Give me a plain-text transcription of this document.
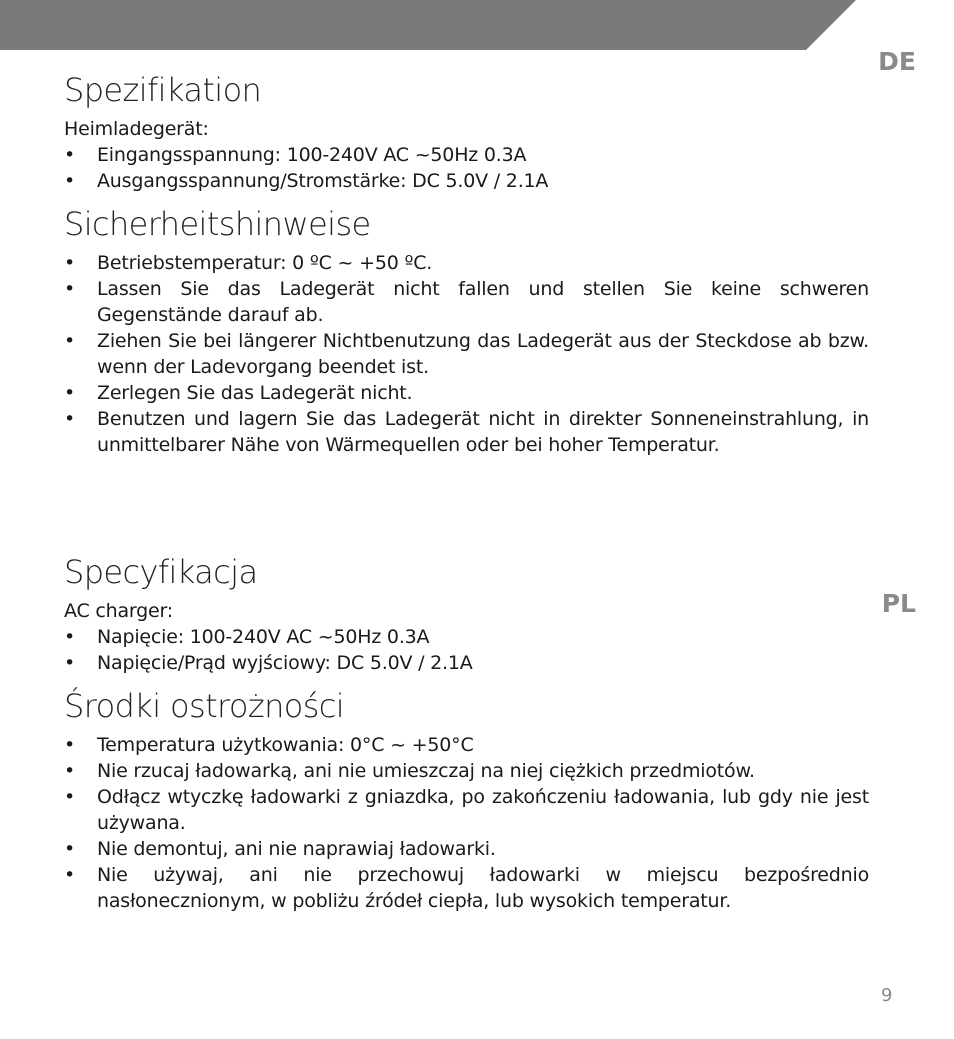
DE
PL
Spezifikation

Heimladegerät:

• Eingangsspannung: 100-240V AC ~50Hz 0.3A
• Ausgangsspannung/Stromstärke: DC 5.0V / 2.1A
Sicherheitshinweise
• Betriebstemperatur: 0 ºC ~ +50 ºC.
• Lassen Sie das Ladegerät nicht fallen und stellen Sie keine schweren Gegenstände darauf ab.
• Ziehen Sie bei längerer Nichtbenutzung das Ladegerät aus der Steckdose ab bzw. wenn der Ladevorgang beendet ist.
• Zerlegen Sie das Ladegerät nicht.
• Benutzen und lagern Sie das Ladegerät nicht in direkter Sonneneinstrahlung, in unmittelbarer Nähe von Wärmequellen oder bei hoher Temperatur.
Specyfikacja

AC charger:

• Napięcie: 100-240V AC ~50Hz 0.3A
• Napięcie/Prąd wyjściowy: DC 5.0V / 2.1A
Środki ostrożności
• Temperatura użytkowania: 0°C ~ +50°C
• Nie rzucaj ładowarką, ani nie umieszczaj na niej ciężkich przedmiotów.
• Odłącz wtyczkę ładowarki z gniazdka, po zakończeniu ładowania, lub gdy nie jest używana.
• Nie demontuj, ani nie naprawiaj ładowarki.
• Nie używaj, ani nie przechowuj ładowarki w miejscu bezpośrednio nasłonecznionym, w pobliżu źródeł ciepła, lub wysokich temperatur.
9
